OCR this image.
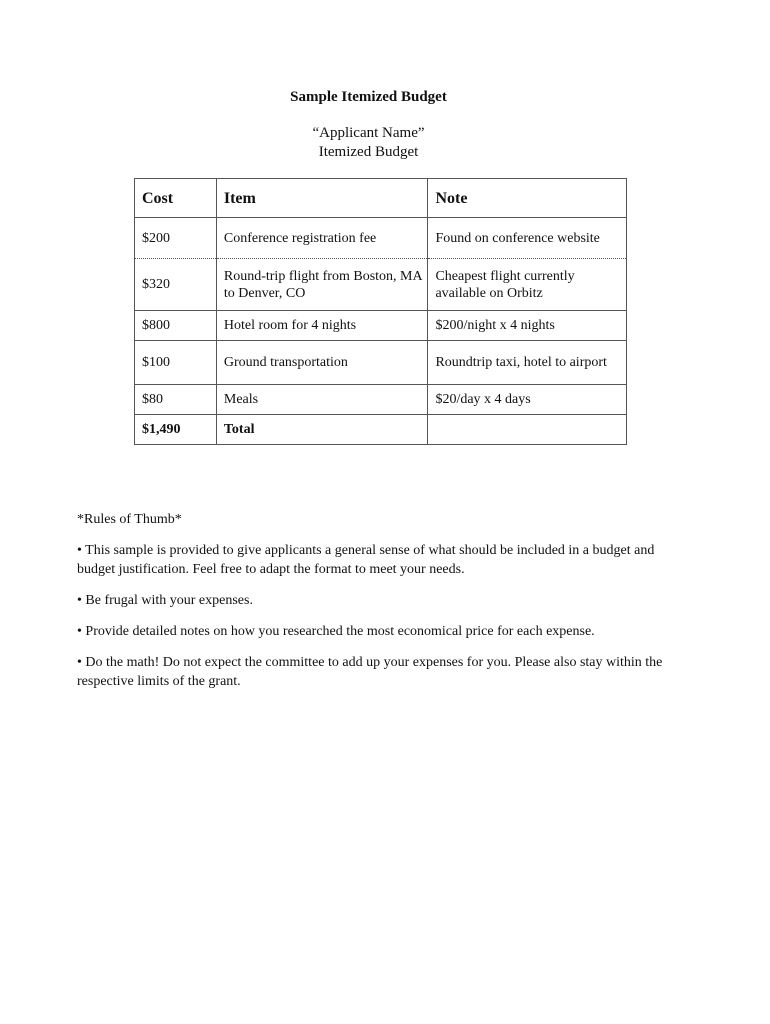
Sample Itemized Budget
“Applicant Name”
Itemized Budget
Cost	Item	Note
$200	Conference registration fee	Found on conference website
$320	Round-trip flight from Boston, MA to Denver, CO	Cheapest flight currently available on Orbitz
$800	Hotel room for 4 nights	$200/night x 4 nights
$100	Ground transportation	Roundtrip taxi, hotel to airport
$80	Meals	$20/day x 4 days
$1,490	Total	

*Rules of Thumb*

• This sample is provided to give applicants a general sense of what should be included in a budget and budget justification. Feel free to adapt the format to meet your needs.

• Be frugal with your expenses.

• Provide detailed notes on how you researched the most economical price for each expense.

• Do the math! Do not expect the committee to add up your expenses for you. Please also stay within the respective limits of the grant.
